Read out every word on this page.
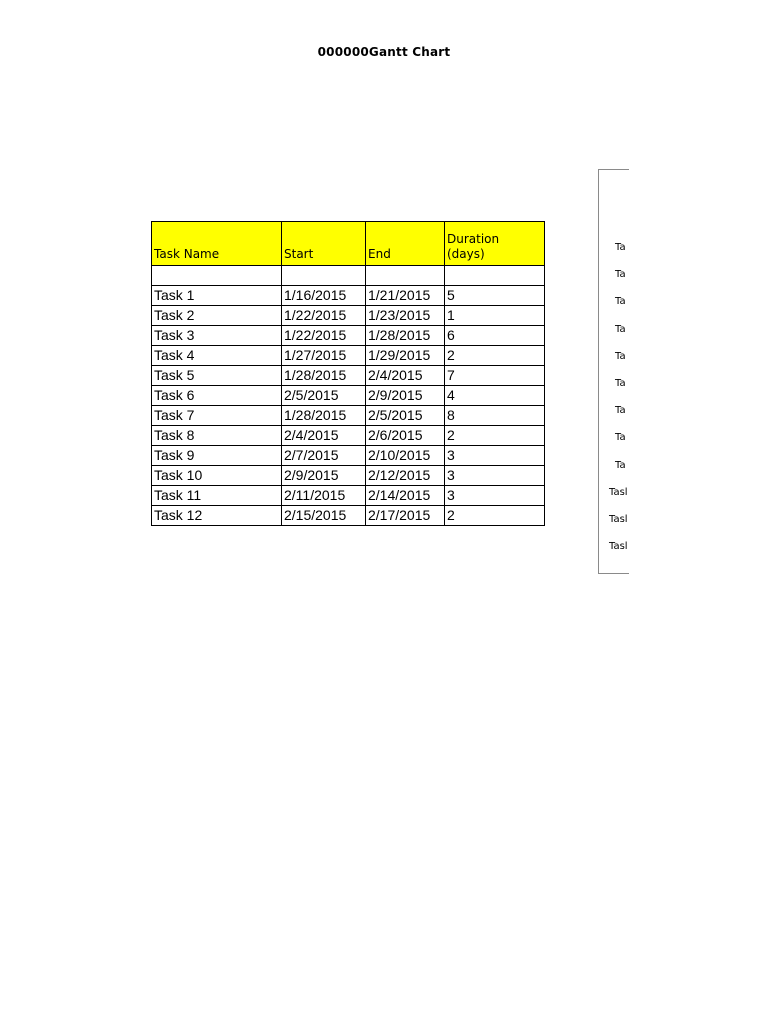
000000Gantt Chart
Task Name	Start	End	Duration
(days)

Task 1	1/16/2015	1/21/2015	5
Task 2	1/22/2015	1/23/2015	1
Task 3	1/22/2015	1/28/2015	6
Task 4	1/27/2015	1/29/2015	2
Task 5	1/28/2015	2/4/2015	7
Task 6	2/5/2015	2/9/2015	4
Task 7	1/28/2015	2/5/2015	8
Task 8	2/4/2015	2/6/2015	2
Task 9	2/7/2015	2/10/2015	3
Task 10	2/9/2015	2/12/2015	3
Task 11	2/11/2015	2/14/2015	3
Task 12	2/15/2015	2/17/2015	2
Ta
Ta
Ta
Ta
Ta
Ta
Ta
Ta
Ta
Tasl
Tasl
Tasl
